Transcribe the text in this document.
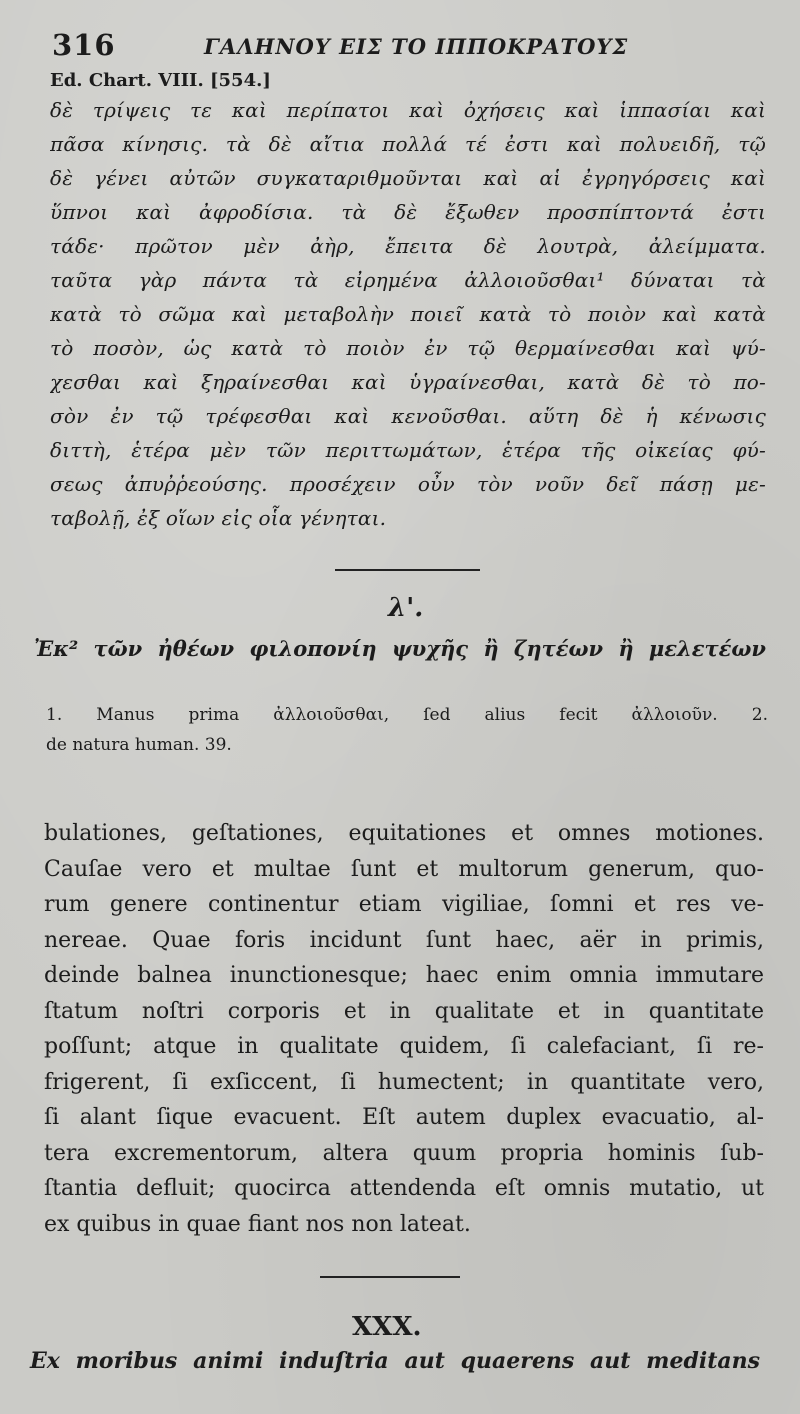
316	ΓΑΛΗΝΟΥ ΕΙΣ ΤΟ ΙΠΠΟΚΡΑΤΟΥΣ
Ed. Chart. VIII. [554.]
δὲ τρίψεις τε καὶ περίπατοι καὶ ὀχήσεις καὶ ἱππασίαι καὶ
πᾶσα κίνησις. τὰ δὲ αἴτια πολλά τέ ἐστι καὶ πολυειδῆ, τῷ
δὲ γένει αὐτῶν συγκαταριθμοῦνται καὶ αἱ ἐγρηγόρσεις καὶ
ὕπνοι καὶ ἀφροδίσια. τὰ δὲ ἔξωθεν προσπίπτοντά ἐστι
τάδε· πρῶτον μὲν ἀὴρ, ἔπειτα δὲ λουτρὰ, ἀλείμματα.
ταῦτα γὰρ πάντα τὰ εἰρημένα ἀλλοιοῦσθαι¹ δύναται τὰ
κατὰ τὸ σῶμα καὶ μεταβολὴν ποιεῖ κατὰ τὸ ποιὸν καὶ κατὰ
τὸ ποσὸν, ὡς κατὰ τὸ ποιὸν ἐν τῷ θερμαίνεσθαι καὶ ψύ-
χεσθαι καὶ ξηραίνεσθαι καὶ ὑγραίνεσθαι, κατὰ δὲ τὸ πο-
σὸν ἐν τῷ τρέφεσθαι καὶ κενοῦσθαι. αὕτη δὲ ἡ κένωσις
διττὴ, ἑτέρα μὲν τῶν περιττωμάτων, ἑτέρα τῆς οἰκείας φύ-
σεως ἀπυῤῥεούσης. προσέχειν οὖν τὸν νοῦν δεῖ πάσῃ με-
ταβολῇ, ἐξ οἵων εἰς οἷα γένηται.
λ'.
Ἐκ² τῶν ἠθέων φιλοπονίη ψυχῆς ἢ ζητέων ἢ μελετέων
1. Manus prima ἀλλοιοῦσθαι, ſed alius fecit ἀλλοιοῦν. 2.
de natura human. 39.
bulationes, geſtationes, equitationes et omnes motiones.
Cauſae vero et multae ſunt et multorum generum, quo-
rum genere continentur etiam vigiliae, ſomni et res ve-
nereae. Quae foris incidunt ſunt haec, aër in primis,
deinde balnea inunctionesque; haec enim omnia immutare
ſtatum noſtri corporis et in qualitate et in quantitate
poſſunt; atque in qualitate quidem, ſi calefaciant, ſi re-
frigerent, ſi exſiccent, ſi humectent; in quantitate vero,
ſi alant ſique evacuent. Eſt autem duplex evacuatio, al-
tera excrementorum, altera quum propria hominis ſub-
ſtantia defluit; quocirca attendenda eſt omnis mutatio, ut
ex quibus in quae fiant nos non lateat.
XXX.
Ex moribus animi induſtria aut quaerens aut meditans
